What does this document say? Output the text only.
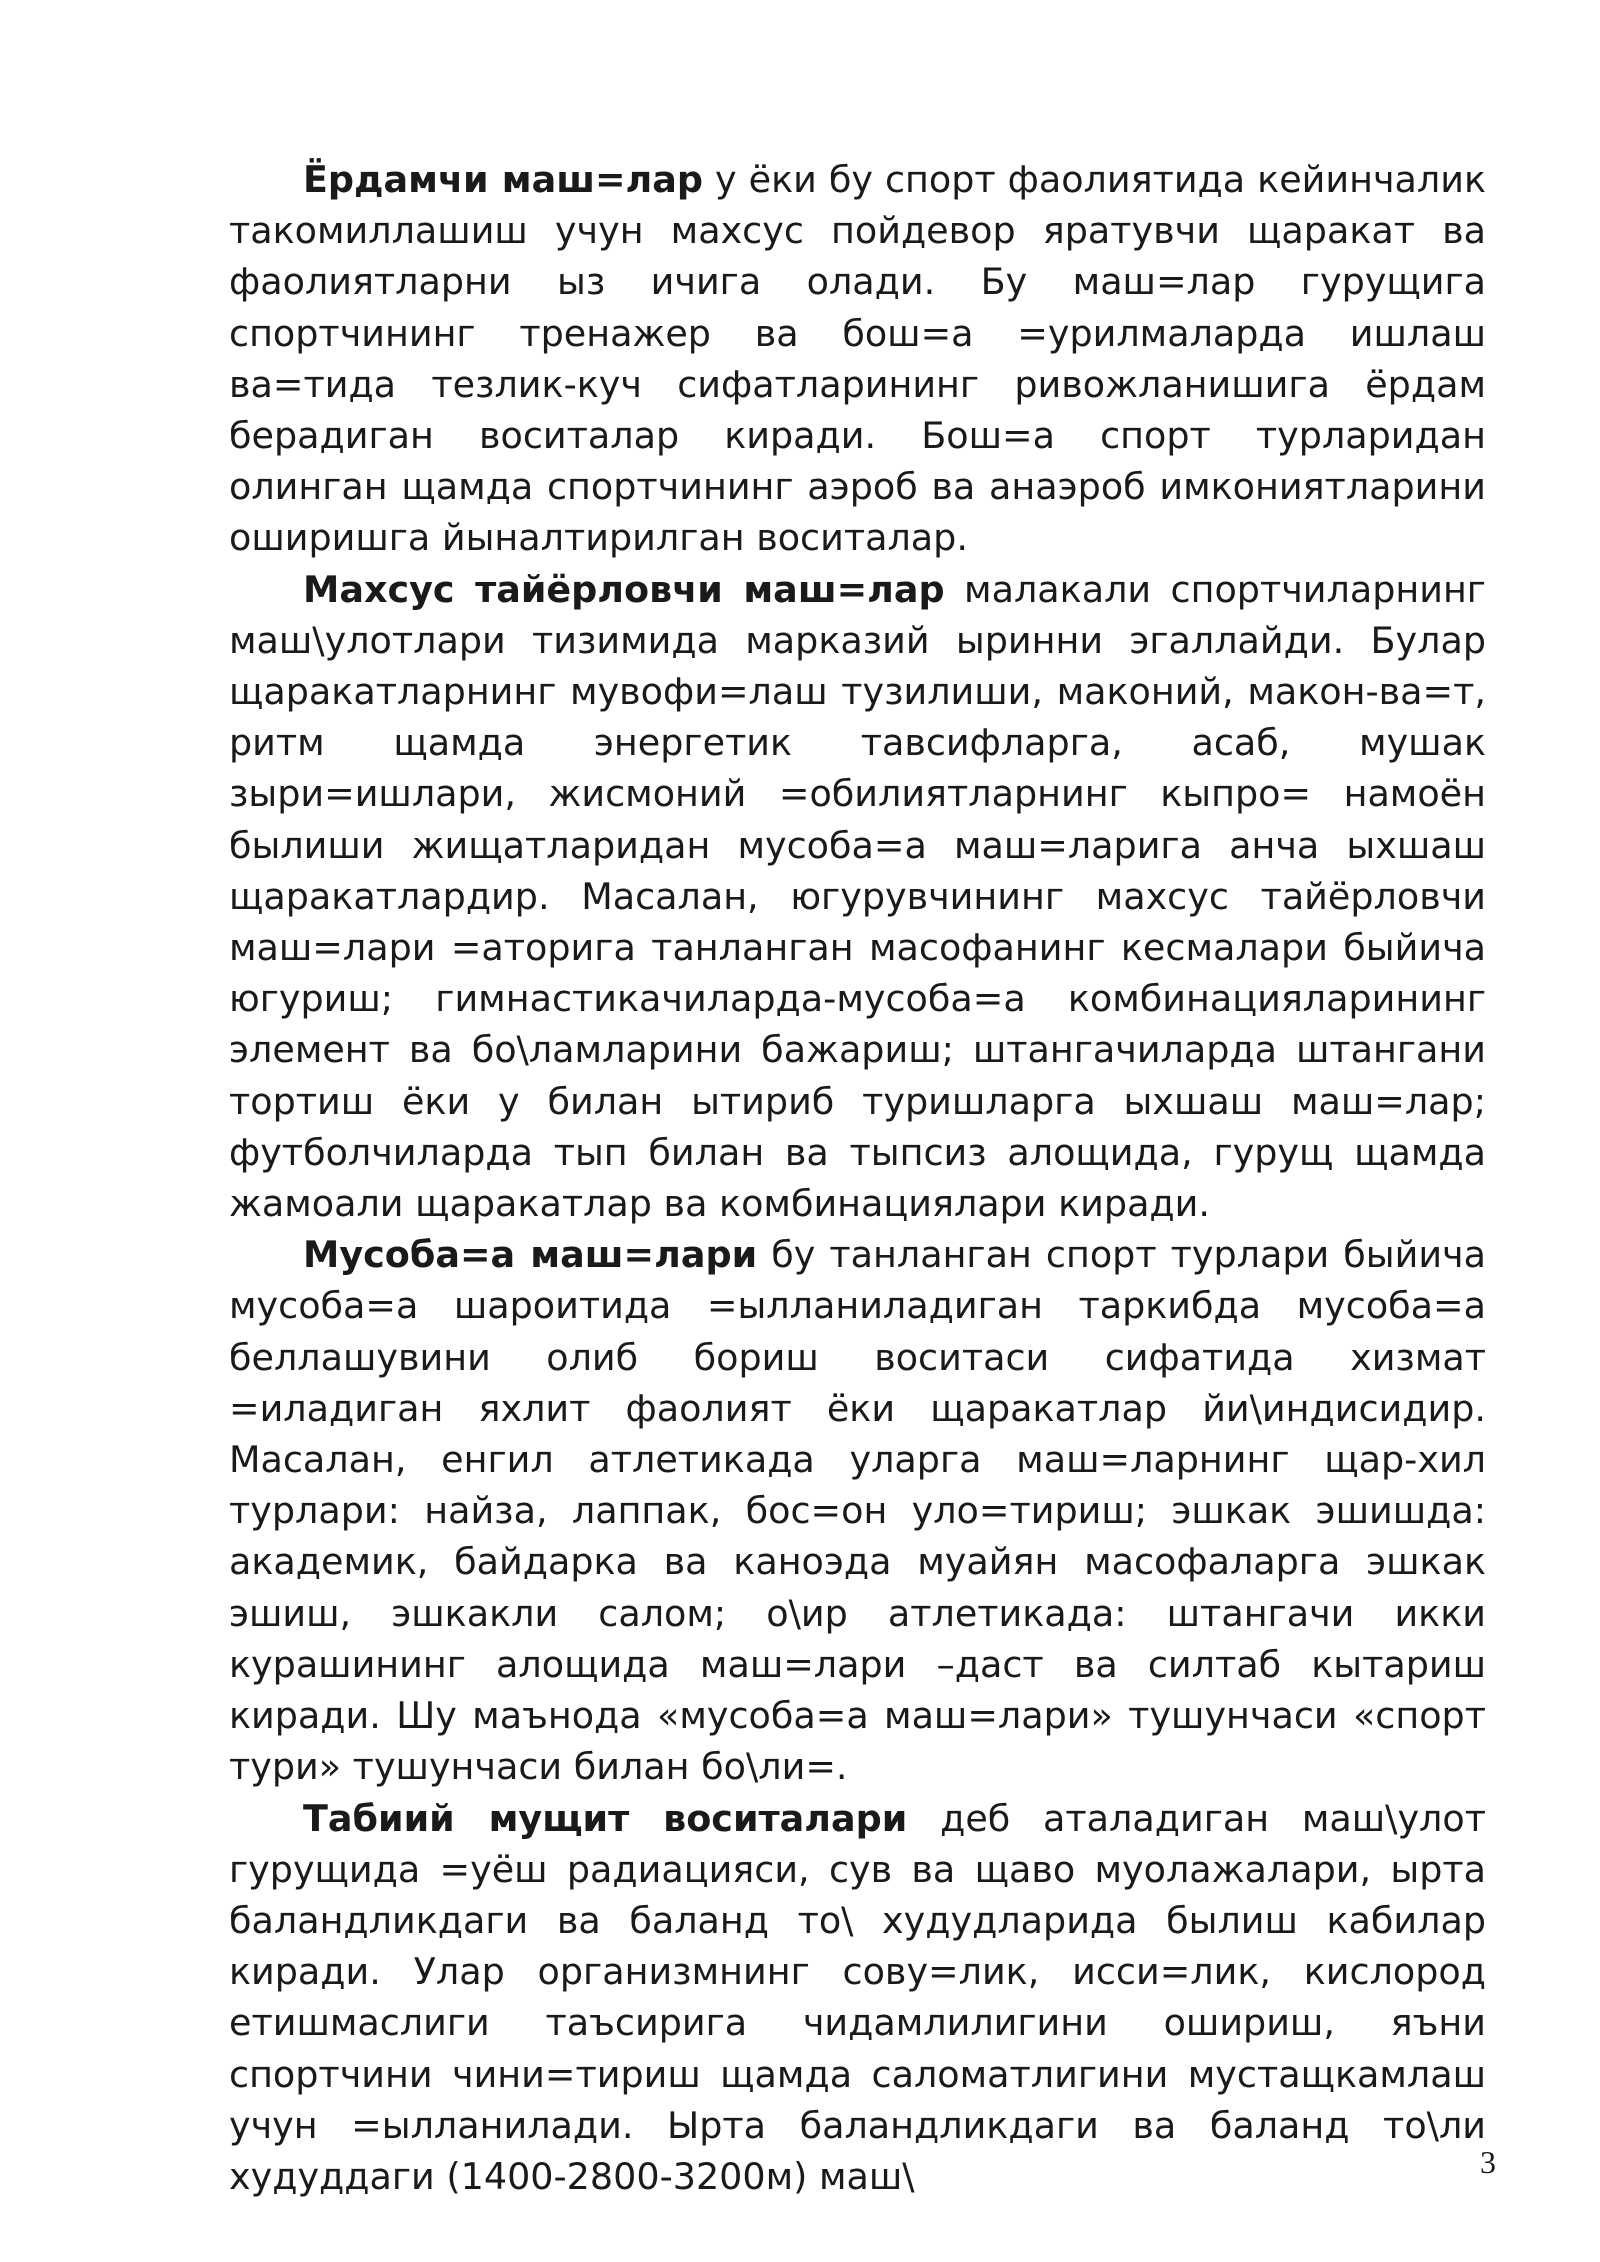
Ёрдамчи маш=лар у ёки бу спорт фаолиятида кейинчалик такомиллашиш учун махсус пойдевор яратувчи щаракат ва фаолиятларни ыз ичига олади. Бу маш=лар гурущига спортчининг тренажер ва бош=а =урилмаларда ишлаш ва=тида тезлик-куч сифатларининг ривожланишига ёрдам берадиган воситалар киради. Бош=а спорт турларидан олинган щамда спортчининг аэроб ва анаэроб имкониятларини оширишга йыналтирилган воситалар.

Махсус тайёрловчи маш=лар малакали спортчиларнинг маш\улотлари тизимида марказий ыринни эгаллайди. Булар щаракатларнинг мувофи=лаш тузилиши, маконий, макон-ва=т, ритм щамда энергетик тавсифларга, асаб, мушак зыри=ишлари, жисмоний =обилиятларнинг кыпро= намоён былиши жищатларидан мусоба=а маш=ларига анча ыхшаш щаракатлардир. Масалан, югурувчининг махсус тайёрловчи маш=лари =аторига танланган масофанинг кесмалари быйича югуриш; гимнастикачиларда-мусоба=а комбинацияларининг элемент ва бо\ламларини бажариш; штангачиларда штангани тортиш ёки у билан ытириб туришларга ыхшаш маш=лар; футболчиларда тып билан ва тыпсиз алощида, гурущ щамда жамоали щаракатлар ва комбинациялари киради.

Мусоба=а маш=лари бу танланган спорт турлари быйича мусоба=а шароитида =ылланиладиган таркибда мусоба=а беллашувини олиб бориш воситаси сифатида хизмат =иладиган яхлит фаолият ёки щаракатлар йи\индисидир. Масалан, енгил атлетикада уларга маш=ларнинг щар-хил турлари: найза, лаппак, бос=он уло=тириш; эшкак эшишда: академик, байдарка ва каноэда муайян масофаларга эшкак эшиш, эшкакли салом; о\ир атлетикада: штангачи икки курашининг алощида маш=лари –даст ва силтаб кытариш киради. Шу маънода «мусоба=а маш=лари» тушунчаси «спорт тури» тушунчаси билан бо\ли=.

Табиий мущит воситалари деб аталадиган маш\улот гурущида =уёш радиацияси, сув ва щаво муолажалари, ырта баландликдаги ва баланд то\ худудларида былиш кабилар киради. Улар организмнинг сову=лик, исси=лик, кислород етишмаслиги таъсирига чидамлилигини ошириш, яъни спортчини чини=тириш щамда саломатлигини мустащкамлаш учун =ылланилади. Ырта баландликдаги ва баланд то\ли худуддаги (1400-2800-3200м) маш\	3
